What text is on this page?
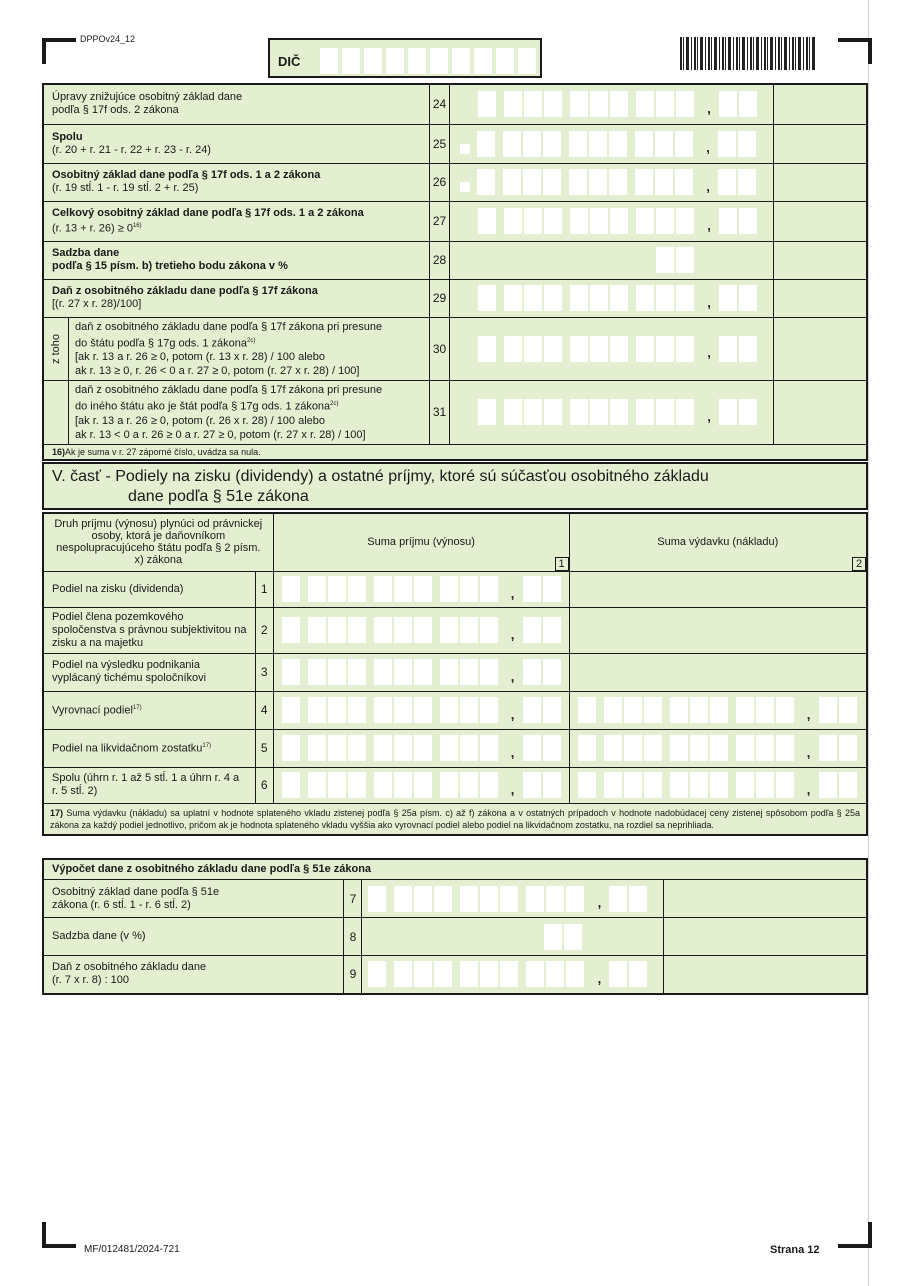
DPPOv24_12
DIČ
Úpravy znižujúce osobitný základ dane
podľa § 17f ods. 2 zákona	24	,	

Spolu
(r. 20 + r. 21 - r. 22 + r. 23 - r. 24)	25	,	

Osobitný základ dane podľa § 17f ods. 1 a 2 zákona
(r. 19 stĺ. 1 - r. 19 stĺ. 2 + r. 25)	26	,	

Celkový osobitný základ dane podľa § 17f ods. 1 a 2 zákona
(r. 13 + r. $26) \ge 0^{16)}$	27	,	

Sadzba dane
podľa § 15 písm. b) tretieho bodu zákona v %	28	

Daň z osobitného základu dane podľa § 17f zákona
[(r. 27 x r. 28)/100]	29	,	

z toho
daň z osobitného základu dane podľa § 17f zákona pri presune
do štátu podľa § 17g ods. 1 zákona$^{2c)}$
[ak r. 13 a r. 26 ≥ 0, potom (r. 13 x r. 28) / 100 alebo
ak r. 13 ≥ 0, r. 26 < 0 a r. 27 ≥ 0, potom (r. 27 x r. 28) / 100]	30	,	

daň z osobitného základu dane podľa § 17f zákona pri presune
do iného štátu ako je štát podľa § 17g ods. 1 zákona$^{2c)}$
[ak r. 13 a r. 26 ≥ 0, potom (r. 26 x r. 28) / 100 alebo
ak r. 13 < 0 a r. 26 ≥ 0 a r. 27 ≥ 0, potom (r. 27 x r. 28) / 100]	31	,	

16)Ak je suma v r. 27 záporné číslo, uvádza sa nula.			
V. časť - Podiely na zisku (dividendy) a ostatné príjmy, ktoré sú súčasťou osobitného základu
dane podľa § 51e zákona
Druh príjmu (výnosu) plynúci od právnickej osoby, ktorá je daňovníkom nespolupracujúceho štátu podľa § 2 písm. x) zákona		Suma príjmu (výnosu)
1	Suma výdavku (nákladu)
2

Podiel na zisku (dividenda)	1	,	

Podiel člena pozemkového spoločenstva s právnou subjektivitou na zisku a na majetku	2	,	

Podiel na výsledku podnikania vyplácaný tichému spoločníkovi	3	,	

Vyrovnací podiel$^{17)}$	4	,	,

Podiel na likvidačnom zostatku$^{17)}$	5	,	,

Spolu (úhrn r. 1 až 5 stĺ. 1 a úhrn r. 4 a r. 5 stĺ. 2)	6	,	,

17) Suma výdavku (nákladu) sa uplatní v hodnote splateného vkladu zistenej podľa § 25a písm. c) až f) zákona a v ostatných prípadoch v hodnote nadobúdacej ceny zistenej spôsobom podľa § 25a zákona za každý podiel jednotlivo, pričom ak je hodnota splateného vkladu vyššia ako vyrovnací podiel alebo podiel na likvidačnom zostatku, na rozdiel sa neprihliada.			
Výpočet dane z osobitného základu dane podľa § 51e zákona			
Osobitný základ dane podľa § 51e
zákona (r. 6 stĺ. 1 - r. 6 stĺ. 2)	7	,	

Sadzba dane (v %)	8	

Daň z osobitného základu dane
(r. 7 x r. 8) : 100	9	,	

MF/012481/2024-721	Strana 12
